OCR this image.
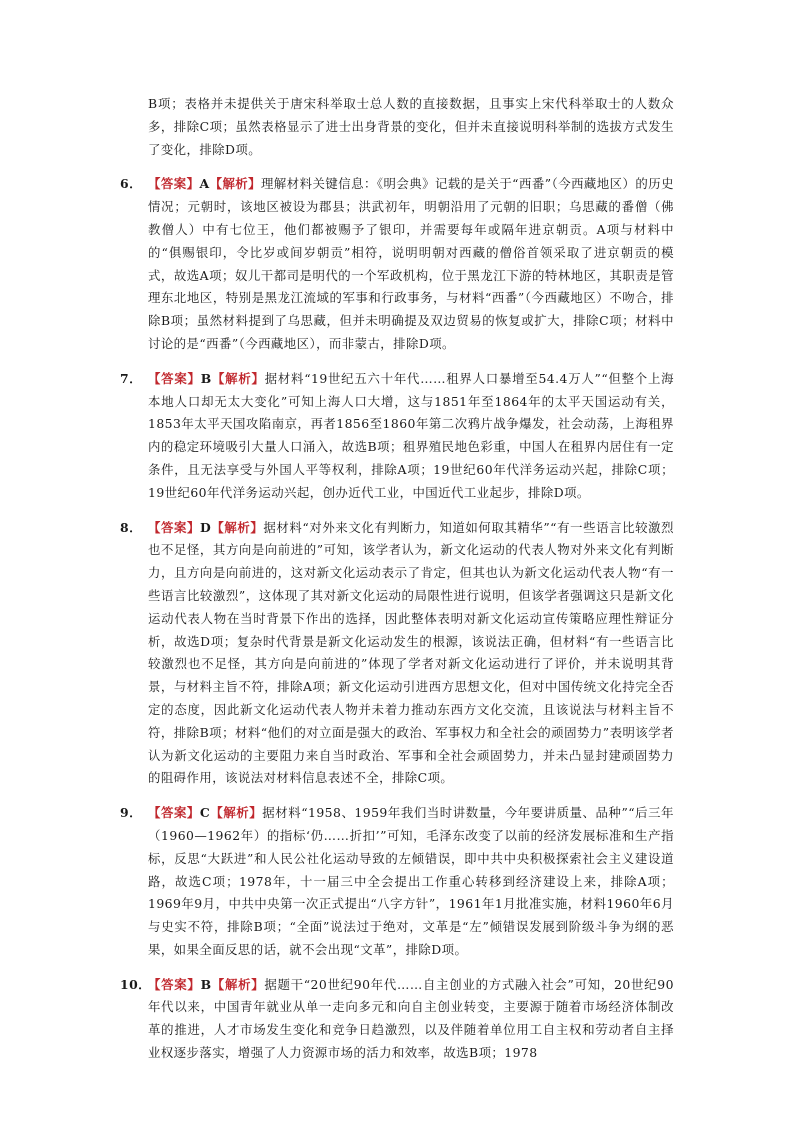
B项；表格并未提供关于唐宋科举取士总人数的直接数据，且事实上宋代科举取士的人数众多，排除C项；虽然表格显示了进士出身背景的变化，但并未直接说明科举制的选拔方式发生了变化，排除D项。

6． 【答案】A【解析】理解材料关键信息：《明会典》记载的是关于“西番”（今西藏地区）的历史情况；元朝时，该地区被设为郡县；洪武初年，明朝沿用了元朝的旧职；乌思藏的番僧（佛教僧人）中有七位王，他们都被赐予了银印，并需要每年或隔年进京朝贡。A项与材料中的“俱赐银印，令比岁或间岁朝贡”相符，说明明朝对西藏的僧俗首领采取了进京朝贡的模式，故选A项；奴儿干都司是明代的一个军政机构，位于黑龙江下游的特林地区，其职责是管理东北地区，特别是黑龙江流域的军事和行政事务，与材料“西番”（今西藏地区）不吻合，排除B项；虽然材料提到了乌思藏，但并未明确提及双边贸易的恢复或扩大，排除C项；材料中讨论的是“西番”（今西藏地区），而非蒙古，排除D项。

7． 【答案】B【解析】据材料“19世纪五六十年代……租界人口暴增至54.4万人”“但整个上海本地人口却无太大变化”可知上海人口大增，这与1851年至1864年的太平天国运动有关，1853年太平天国攻陷南京，再者1856至1860年第二次鸦片战争爆发，社会动荡，上海租界内的稳定环境吸引大量人口涌入，故选B项；租界殖民地色彩重，中国人在租界内居住有一定条件，且无法享受与外国人平等权利，排除A项；19世纪60年代洋务运动兴起，排除C项；19世纪60年代洋务运动兴起，创办近代工业，中国近代工业起步，排除D项。

8． 【答案】D【解析】据材料“对外来文化有判断力，知道如何取其精华”“有一些语言比较激烈也不足怪，其方向是向前进的”可知，该学者认为，新文化运动的代表人物对外来文化有判断力，且方向是向前进的，这对新文化运动表示了肯定，但其也认为新文化运动代表人物“有一些语言比较激烈”，这体现了其对新文化运动的局限性进行说明，但该学者强调这只是新文化运动代表人物在当时背景下作出的选择，因此整体表明对新文化运动宣传策略应理性辩证分析，故选D项；复杂时代背景是新文化运动发生的根源，该说法正确，但材料“有一些语言比较激烈也不足怪，其方向是向前进的”体现了学者对新文化运动进行了评价，并未说明其背景，与材料主旨不符，排除A项；新文化运动引进西方思想文化，但对中国传统文化持完全否定的态度，因此新文化运动代表人物并未着力推动东西方文化交流，且该说法与材料主旨不符，排除B项；材料“他们的对立面是强大的政治、军事权力和全社会的顽固势力”表明该学者认为新文化运动的主要阻力来自当时政治、军事和全社会顽固势力，并未凸显封建顽固势力的阻碍作用，该说法对材料信息表述不全，排除C项。

9． 【答案】C【解析】据材料“1958、1959年我们当时讲数量，今年要讲质量、品种”“后三年（1960—1962年）的指标‘仍……折扣’”可知，毛泽东改变了以前的经济发展标准和生产指标，反思“大跃进”和人民公社化运动导致的左倾错误，即中共中央积极探索社会主义建设道路，故选C项；1978年，十一届三中全会提出工作重心转移到经济建设上来，排除A项；1969年9月，中共中央第一次正式提出“八字方针”，1961年1月批准实施，材料1960年6月与史实不符，排除B项；“全面”说法过于绝对，文革是“左”倾错误发展到阶级斗争为纲的恶果，如果全面反思的话，就不会出现“文革”，排除D项。

10．

【答案】B【解析】据题干“20世纪90年代……自主创业的方式融入社会”可知，20世纪90年代以来，中国青年就业从单一走向多元和向自主创业转变，主要源于随着市场经济体制改革的推进，人才市场发生变化和竞争日趋激烈，以及伴随着单位用工自主权和劳动者自主择业权逐步落实，增强了人力资源市场的活力和效率，故选B项；1978
